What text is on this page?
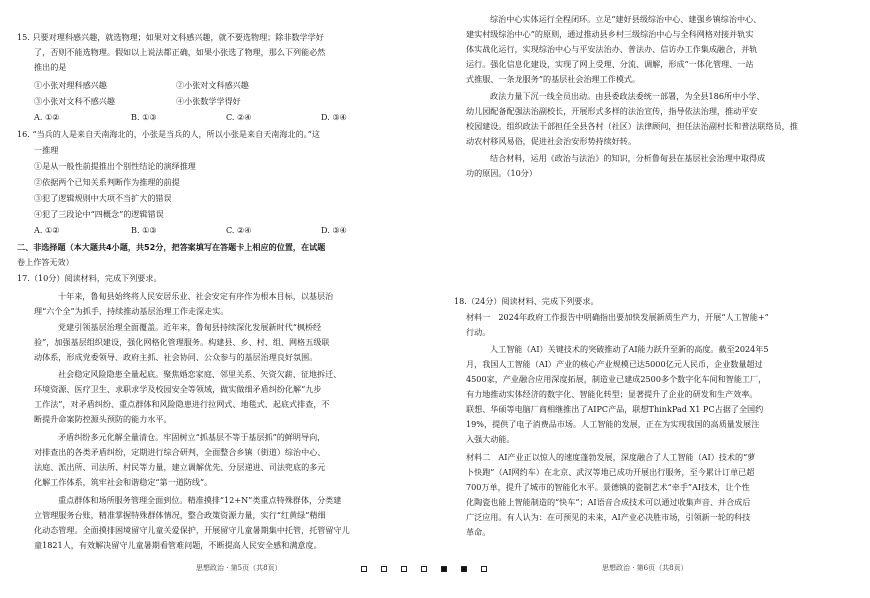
15. 只要对理科感兴趣，就选物理；如果对文科感兴趣，就不要选物理；除非数学学好
了，否则不能选物理。假如以上说法都正确，如果小张选了物理，那么下列能必然
推出的是
①小张对理科感兴趣	②小张对文科感兴趣
③小张对文科不感兴趣	④小张数学学得好
A. ①②	B. ①③	C. ②④	D. ③④
16. “当兵的人是来自天南海北的，小张是当兵的人，所以小张是来自天南海北的。”这
一推理
①是从一般性前提推出个别性结论的演绎推理
②依据两个已知关系判断作为推理的前提
③犯了逻辑规则中大项不当扩大的错误
④犯了三段论中“四概念”的逻辑错误
A. ①②	B. ①③	C. ②④	D. ③④
二、非选择题（本大题共4小题，共52分，把答案填写在答题卡上相应的位置，在试题
卷上作答无效）
17.（10分）阅读材料，完成下列要求。
十年来，鲁甸县始终将人民安居乐业、社会安定有序作为根本目标，以基层治
理“六个全”为抓手，持续推动基层治理工作走深走实。
党建引领基层治理全面覆盖。近年来，鲁甸县持续深化发展新时代“枫桥经
验”，加强基层组织建设，强化网格化管理服务。构建县、乡、村、组、网格五级联
动体系，形成党委领导、政府主抓、社会协同、公众参与的基层治理良好氛围。
社会稳定风险隐患全量起底。聚焦婚恋家庭、邻里关系、矢资欠薪、征地拆迁、
环境资源、医疗卫生、求职求学及校园安全等领域，做实做细矛盾纠纷化解“九步
工作法”，对矛盾纠纷、重点群体和风险隐患进行拉网式、地毯式、起底式排查，不
断提升命案防控源头预防的能力水平。
矛盾纠纷多元化解全量清仓。牢固树立“抓基层不等于基层抓”的鲜明导向，
对排查出的各类矛盾纠纷，定期进行综合研判，全面整合乡镇（街道）综治中心、
法庭、派出所、司法所、村民等力量，建立调解优先、分层递进、司法兜底的多元
化解工作体系，筑牢社会和谐稳定“第一道防线”。
重点群体和场所服务管理全面到位。精准摸排“12+N”类重点特殊群体，分类建
立管理服务台账，精准掌握特殊群体情况，整合政策资源力量，实行“红黄绿”精细
化动态管理。全面摸排困境留守儿童关爱保护，开展留守儿童暑期集中托管，托管留守儿
童1821人，有效解决留守儿童暑期看管难问题，不断提高人民安全感和满意度。
思想政治 · 第5页（共8页）
综治中心实体运行全程闭环。立足“建好县级综治中心、建强乡镇综治中心、
建实村级综治中心”的原则，通过推动县乡村三级综治中心与全科网格对接并轨实
体实战化运行，实现综治中心与平安法治办、普法办、信访办工作集成融合，并轨
运行。强化信息化建设，实现了网上受理、分流、调解，形成“一体化管理、一站
式推服、一条龙服务”的基层社会治理工作模式。
政法力量下沉一线全员出动。由县委政法委统一部署，为全县186所中小学、
幼儿园配备配强法治副校长，开展形式多样的法治宣传，指导依法治理，推动平安
校园建设。组织政法干部担任全县各村（社区）法律顾问，担任法治副村长和普法联络员，推
动农村移风易俗，促进社会治安形势持续好转。
结合材料，运用《政治与法治》的知识，分析鲁甸县在基层社会治理中取得成
功的原因。（10分）
18.（24分）阅读材料、完成下列要求。
材料一　2024年政府工作报告中明确指出要加快发展新质生产力，开展“人工智能+”
行动。
人工智能（AI）关键技术的突破推动了AI能力跃升至新的高度。截至2024年5
月，我国人工智能（AI）产业的核心产业规模已达5000亿元人民币，企业数量超过
4500家，产业融合应用深度拓展，制造业已建成2500多个数字化车间和智能工厂，
有力地推动实体经济的数字化、智能化转型；显著提升了企业的研发和生产效率。
联想、华硕等电脑厂商相继推出了AIPC产品，联想ThinkPad X1 PC占据了全国约
19%，提供了电子消费品市场。人工智能的发展，正在为实现我国的高质量发展注
入强大动能。
材料二　AI产业正以惊人的速度蓬勃发展，深度融合了人工智能（AI）技术的“萝
卜快跑”（AI网约车）在北京、武汉等地已成功开展出行服务，至今累计订单已超
700万单，提升了城市的智能化水平。景德镇的瓷制艺术“牵手”AI技术，让个性
化陶瓷也能上智能制造的“快车”；AI语音合成技术可以通过收集声音、并合成后
广泛应用。有人认为：在可预见的未来，AI产业必决胜市场，引领新一轮的科技
革命。
思想政治 · 第6页（共8页）
